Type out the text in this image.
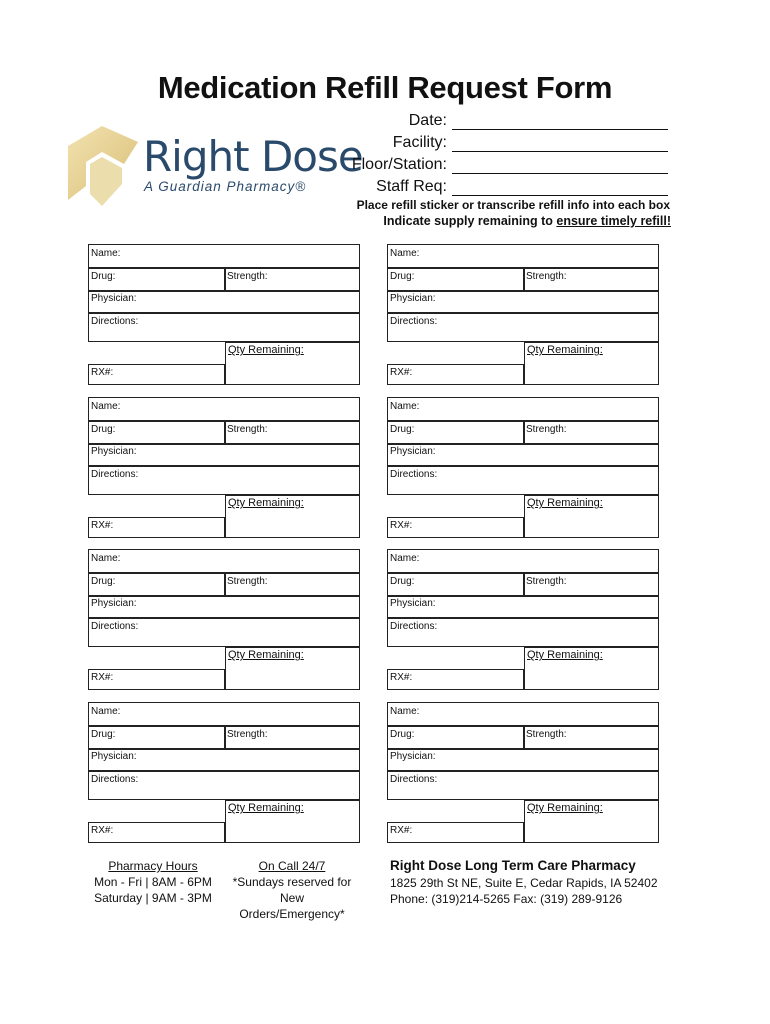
Medication Refill Request Form
Right Dose
A Guardian Pharmacy®
Date:
Facility:
Floor/Station:
Staff Req:
Place refill sticker or transcribe refill info into each box
Indicate supply remaining to ensure timely refill!
Name:
Drug:	Strength:
Physician:
Directions:
RX#:
Qty Remaining:
Name:
Drug:	Strength:
Physician:
Directions:
RX#:
Qty Remaining:
Name:
Drug:	Strength:
Physician:
Directions:
RX#:
Qty Remaining:
Name:
Drug:	Strength:
Physician:
Directions:
RX#:
Qty Remaining:
Name:
Drug:	Strength:
Physician:
Directions:
RX#:
Qty Remaining:
Name:
Drug:	Strength:
Physician:
Directions:
RX#:
Qty Remaining:
Name:
Drug:	Strength:
Physician:
Directions:
RX#:
Qty Remaining:
Name:
Drug:	Strength:
Physician:
Directions:
RX#:
Qty Remaining:
Pharmacy Hours
Mon - Fri | 8AM - 6PM
Saturday | 9AM - 3PM
On Call 24/7
*Sundays reserved for
New
Orders/Emergency*
Right Dose Long Term Care Pharmacy
1825 29th St NE, Suite E, Cedar Rapids, IA 52402
Phone: (319)214-5265 Fax: (319) 289-9126
